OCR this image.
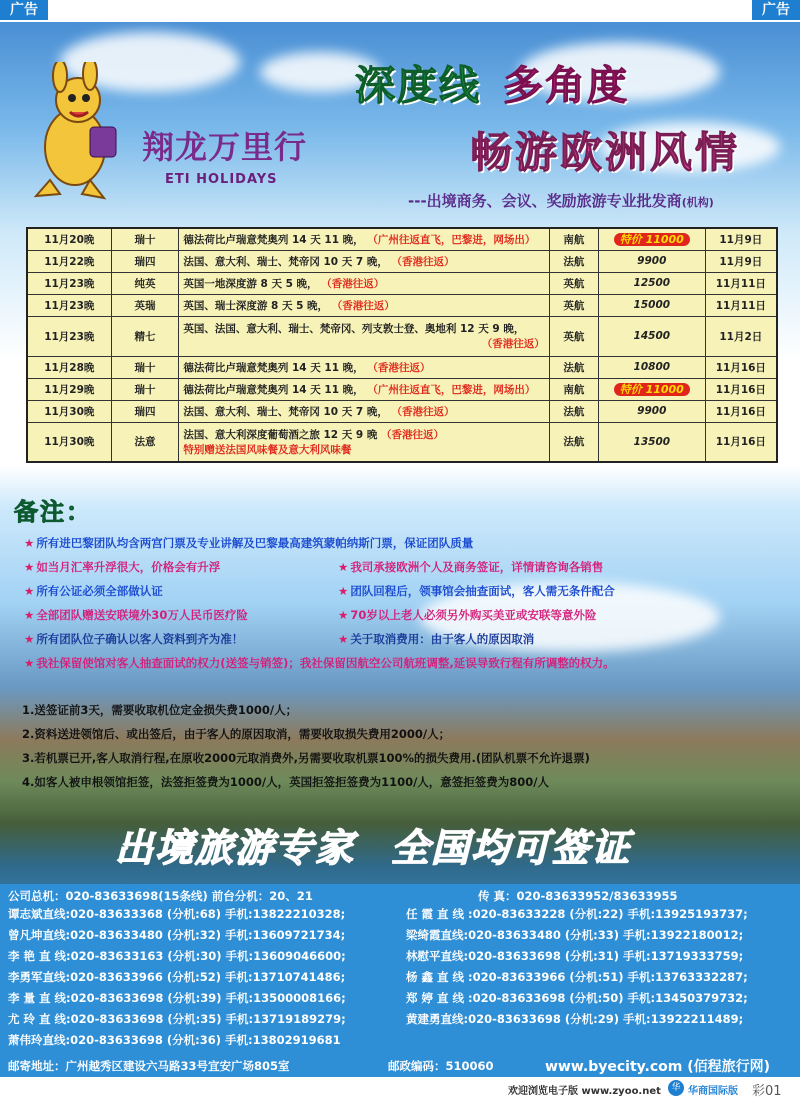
广告	广告
翔龙万里行
ETI HOLIDAYS
深度线 多角度
畅游欧洲风情
---出境商务、会议、奖励旅游专业批发商(机构)
11月20晚	瑞十	德法荷比卢瑞意梵奥列 14 天 11 晚， （广州往返直飞，巴黎进，网场出）	南航	特价 11000	11月9日
11月22晚	瑞四	法国、意大利、瑞士、梵帝冈 10 天 7 晚， （香港往返）	法航	9900	11月9日
11月23晚	纯英	英国一地深度游 8 天 5 晚， （香港往返）	英航	12500	11月11日
11月23晚	英瑞	英国、瑞士深度游 8 天 5 晚， （香港往返）	英航	15000	11月11日
11月23晚	精七	英国、法国、意大利、瑞士、梵帝冈、列支敦士登、奥地利 12 天 9 晚，
（香港往返）	英航	14500	11月2日
11月28晚	瑞十	德法荷比卢瑞意梵奥列 14 天 11 晚， （香港往返）	法航	10800	11月16日
11月29晚	瑞十	德法荷比卢瑞意梵奥列 14 天 11 晚， （广州往返直飞，巴黎进，网场出）	南航	特价 11000	11月16日
11月30晚	瑞四	法国、意大利、瑞士、梵帝冈 10 天 7 晚， （香港往返）	法航	9900	11月16日
11月30晚	法意	法国、意大利深度葡萄酒之旅 12 天 9 晚 （香港往返）
特别赠送法国风味餐及意大利风味餐	法航	13500	11月16日
备注：
★ 所有进巴黎团队均含两宫门票及专业讲解及巴黎最高建筑蒙帕纳斯门票，保证团队质量
★ 如当月汇率升浮很大，价格会有升浮	★ 我司承接欧洲个人及商务签证，详情请咨询各销售
★ 所有公证必须全部做认证	★ 团队回程后，领事馆会抽查面试，客人需无条件配合
★ 全部团队赠送安联境外30万人民币医疗险	★ 70岁以上老人必须另外购买美亚或安联等意外险
★ 所有团队位子确认以客人资料到齐为准！	★ 关于取消费用：由于客人的原因取消
★ 我社保留使馆对客人抽查面试的权力(送签与销签)；我社保留因航空公司航班调整,延误导致行程有所调整的权力。
1.送签证前3天，需要收取机位定金损失费1000/人；
2.资料送进领馆后、或出签后，由于客人的原因取消，需要收取损失费用2000/人；
3.若机票已开,客人取消行程,在原收2000元取消费外,另需要收取机票100%的损失费用.(团队机票不允许退票)
4.如客人被申根领馆拒签，法签拒签费为1000/人，英国拒签拒签费为1100/人，意签拒签费为800/人
出境旅游专家 全国均可签证
公司总机：020-83633698(15条线) 前台分机：20、21	传 真：020-83633952/83633955
谭志斌直线:020-83633368 (分机:68) 手机:13822210328;	任 霞 直 线 :020-83633228 (分机:22) 手机:13925193737;
曾凡坤直线:020-83633480 (分机:32) 手机:13609721734;	梁绮霞直线:020-83633480 (分机:33) 手机:13922180012;
李 艳 直 线:020-83633163 (分机:30) 手机:13609046600;	林慰平直线:020-83633698 (分机:31) 手机:13719333759;
李勇军直线:020-83633966 (分机:52) 手机:13710741486;	杨 鑫 直 线 :020-83633966 (分机:51) 手机:13763332287;
李 量 直 线:020-83633698 (分机:39) 手机:13500008166;	郑 婷 直 线 :020-83633698 (分机:50) 手机:13450379732;
尤 玲 直 线:020-83633698 (分机:35) 手机:13719189279;	黄建勇直线:020-83633698 (分机:29) 手机:13922211489;
萧伟玲直线:020-83633698 (分机:36) 手机:13802919681
邮寄地址：广州越秀区建设六马路33号宜安广场805室	邮政编码：510060	www.byecity.com (佰程旅行网)
欢迎浏览电子版 www.zyoo.net	华 华商国际版 彩01
